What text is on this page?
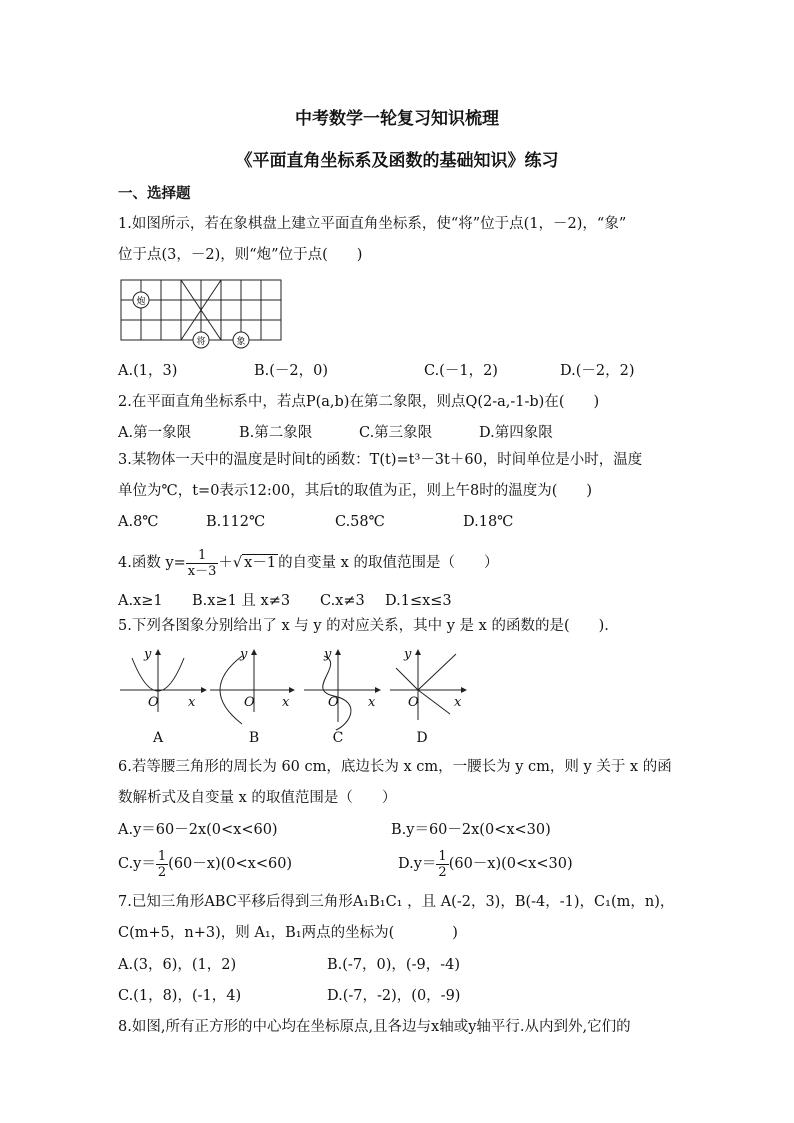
中考数学一轮复习知识梳理
《平面直角坐标系及函数的基础知识》练习
一、选择题
1.如图所示，若在象棋盘上建立平面直角坐标系，使“将”位于点(1，－2)，“象”
位于点(3，－2)，则“炮”位于点(　　)
炮
将	象
A.(1，3)	B.(－2，0)	C.(－1，2)	D.(－2，2)
2.在平面直角坐标系中，若点P(a,b)在第二象限，则点Q(2-a,-1-b)在(　　)
A.第一象限	B.第二象限	C.第三象限	D.第四象限
3.某物体一天中的温度是时间t的函数：T(t)=t³－3t＋60，时间单位是小时，温度
单位为℃，t=0表示12:00，其后t的取值为正，则上午8时的温度为(　　)
A.8℃	B.112℃	C.58℃	D.18℃
4.函数 $y= \frac{1}{x-3}$ ＋√ x－1 的自变量 x 的取值范围是（　　）
A.x≥1 B.x≥1 且 x≠3 C.x≠3 D.1≤x≤3
5.下列各图象分别给出了 x 与 y 的对应关系，其中 y 是 x 的函数的是(　　).
y
O x
y
O x
y
O x
y
O	x
A	B	C	D
6.若等腰三角形的周长为 60 cm，底边长为 x cm，一腰长为 y cm，则 y 关于 x 的函
数解析式及自变量 x 的取值范围是（　　）
A.y＝60－2x(0<x<60)	B.y＝60－2x(0<x<30)
$C.y= \frac{1}{2} (60-x)(0<x<60)$	$D.y= \frac{1}{2} (60-x)(0<x<30)$
7.已知三角形ABC平移后得到三角形A₁B₁C₁ ，且 A(-2，3)，B(-4，-1)，C₁(m，n)，
C(m+5，n+3)，则 A₁，B₁两点的坐标为(　　　　)
A.(3，6)，(1，2)	B.(-7，0)，(-9，-4)
C.(1，8)，(-1，4)	D.(-7，-2)，(0，-9)
8.如图,所有正方形的中心均在坐标原点,且各边与x轴或y轴平行.从内到外,它们的
